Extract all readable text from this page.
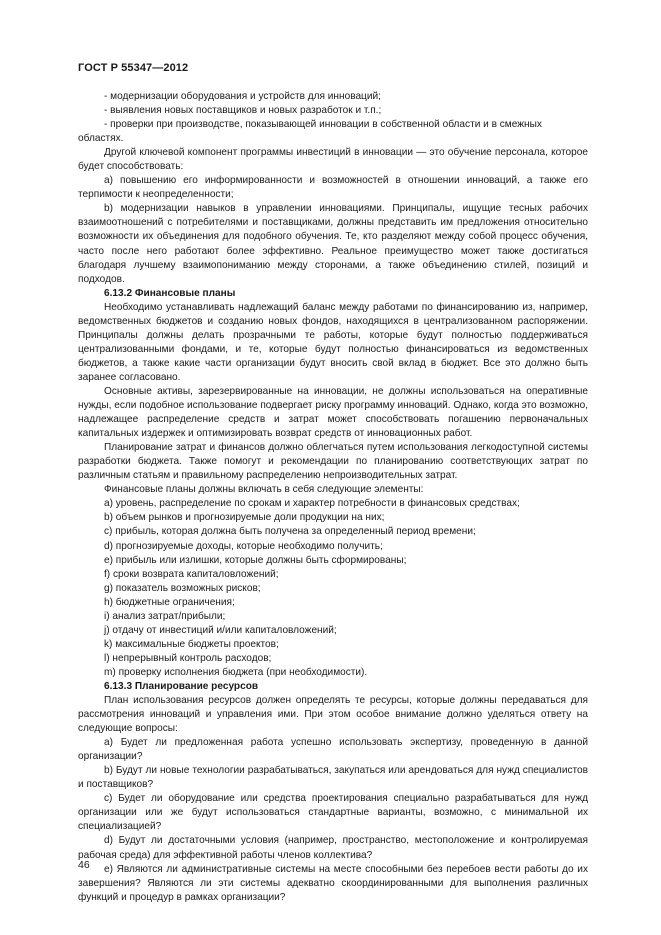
ГОСТ Р 55347—2012

- модернизации оборудования и устройств для инноваций;

- выявления новых поставщиков и новых разработок и т.п.;

- проверки при производстве, показывающей инновации в собственной области и в смежных областях.

Другой ключевой компонент программы инвестиций в инновации — это обучение персонала, которое будет способствовать:

a) повышению его информированности и возможностей в отношении инноваций, а также его терпимости к неопределенности;

b) модернизации навыков в управлении инновациями. Принципалы, ищущие тесных рабочих взаимоотношений с потребителями и поставщиками, должны представить им предложения относительно возможности их объединения для подобного обучения. Те, кто разделяют между собой процесс обучения, часто после него работают более эффективно. Реальное преимущество может также достигаться благодаря лучшему взаимопониманию между сторонами, а также объединению стилей, позиций и подходов.

6.13.2 Финансовые планы

Необходимо устанавливать надлежащий баланс между работами по финансированию из, например, ведомственных бюджетов и созданию новых фондов, находящихся в централизованном распоряжении. Принципалы должны делать прозрачными те работы, которые будут полностью поддерживаться централизованными фондами, и те, которые будут полностью финансироваться из ведомственных бюджетов, а также какие части организации будут вносить свой вклад в бюджет. Все это должно быть заранее согласовано.

Основные активы, зарезервированные на инновации, не должны использоваться на оперативные нужды, если подобное использование подвергает риску программу инноваций. Однако, когда это возможно, надлежащее распределение средств и затрат может способствовать погашению первоначальных капитальных издержек и оптимизировать возврат средств от инновационных работ.

Планирование затрат и финансов должно облегчаться путем использования легкодоступной системы разработки бюджета. Также помогут и рекомендации по планированию соответствующих затрат по различным статьям и правильному распределению непроизводительных затрат.

Финансовые планы должны включать в себя следующие элементы:

a) уровень, распределение по срокам и характер потребности в финансовых средствах;

b) объем рынков и прогнозируемые доли продукции на них;

c) прибыль, которая должна быть получена за определенный период времени;

d) прогнозируемые доходы, которые необходимо получить;

e) прибыль или излишки, которые должны быть сформированы;

f) сроки возврата капиталовложений;

g) показатель возможных рисков;

h) бюджетные ограничения;

i) анализ затрат/прибыли;

j) отдачу от инвестиций и/или капиталовложений;

k) максимальные бюджеты проектов;

l) непрерывный контроль расходов;

m) проверку исполнения бюджета (при необходимости).

6.13.3 Планирование ресурсов

План использования ресурсов должен определять те ресурсы, которые должны передаваться для рассмотрения инноваций и управления ими. При этом особое внимание должно уделяться ответу на следующие вопросы:

a) Будет ли предложенная работа успешно использовать экспертизу, проведенную в данной организации?

b) Будут ли новые технологии разрабатываться, закупаться или арендоваться для нужд специалистов и поставщиков?

c) Будет ли оборудование или средства проектирования специально разрабатываться для нужд организации или же будут использоваться стандартные варианты, возможно, с минимальной их специализацией?

d) Будут ли достаточными условия (например, пространство, местоположение и контролируемая рабочая среда) для эффективной работы членов коллектива?

e) Являются ли административные системы на месте способными без перебоев вести работы до их завершения? Являются ли эти системы адекватно скоординированными для выполнения различных функций и процедур в рамках организации?

46
